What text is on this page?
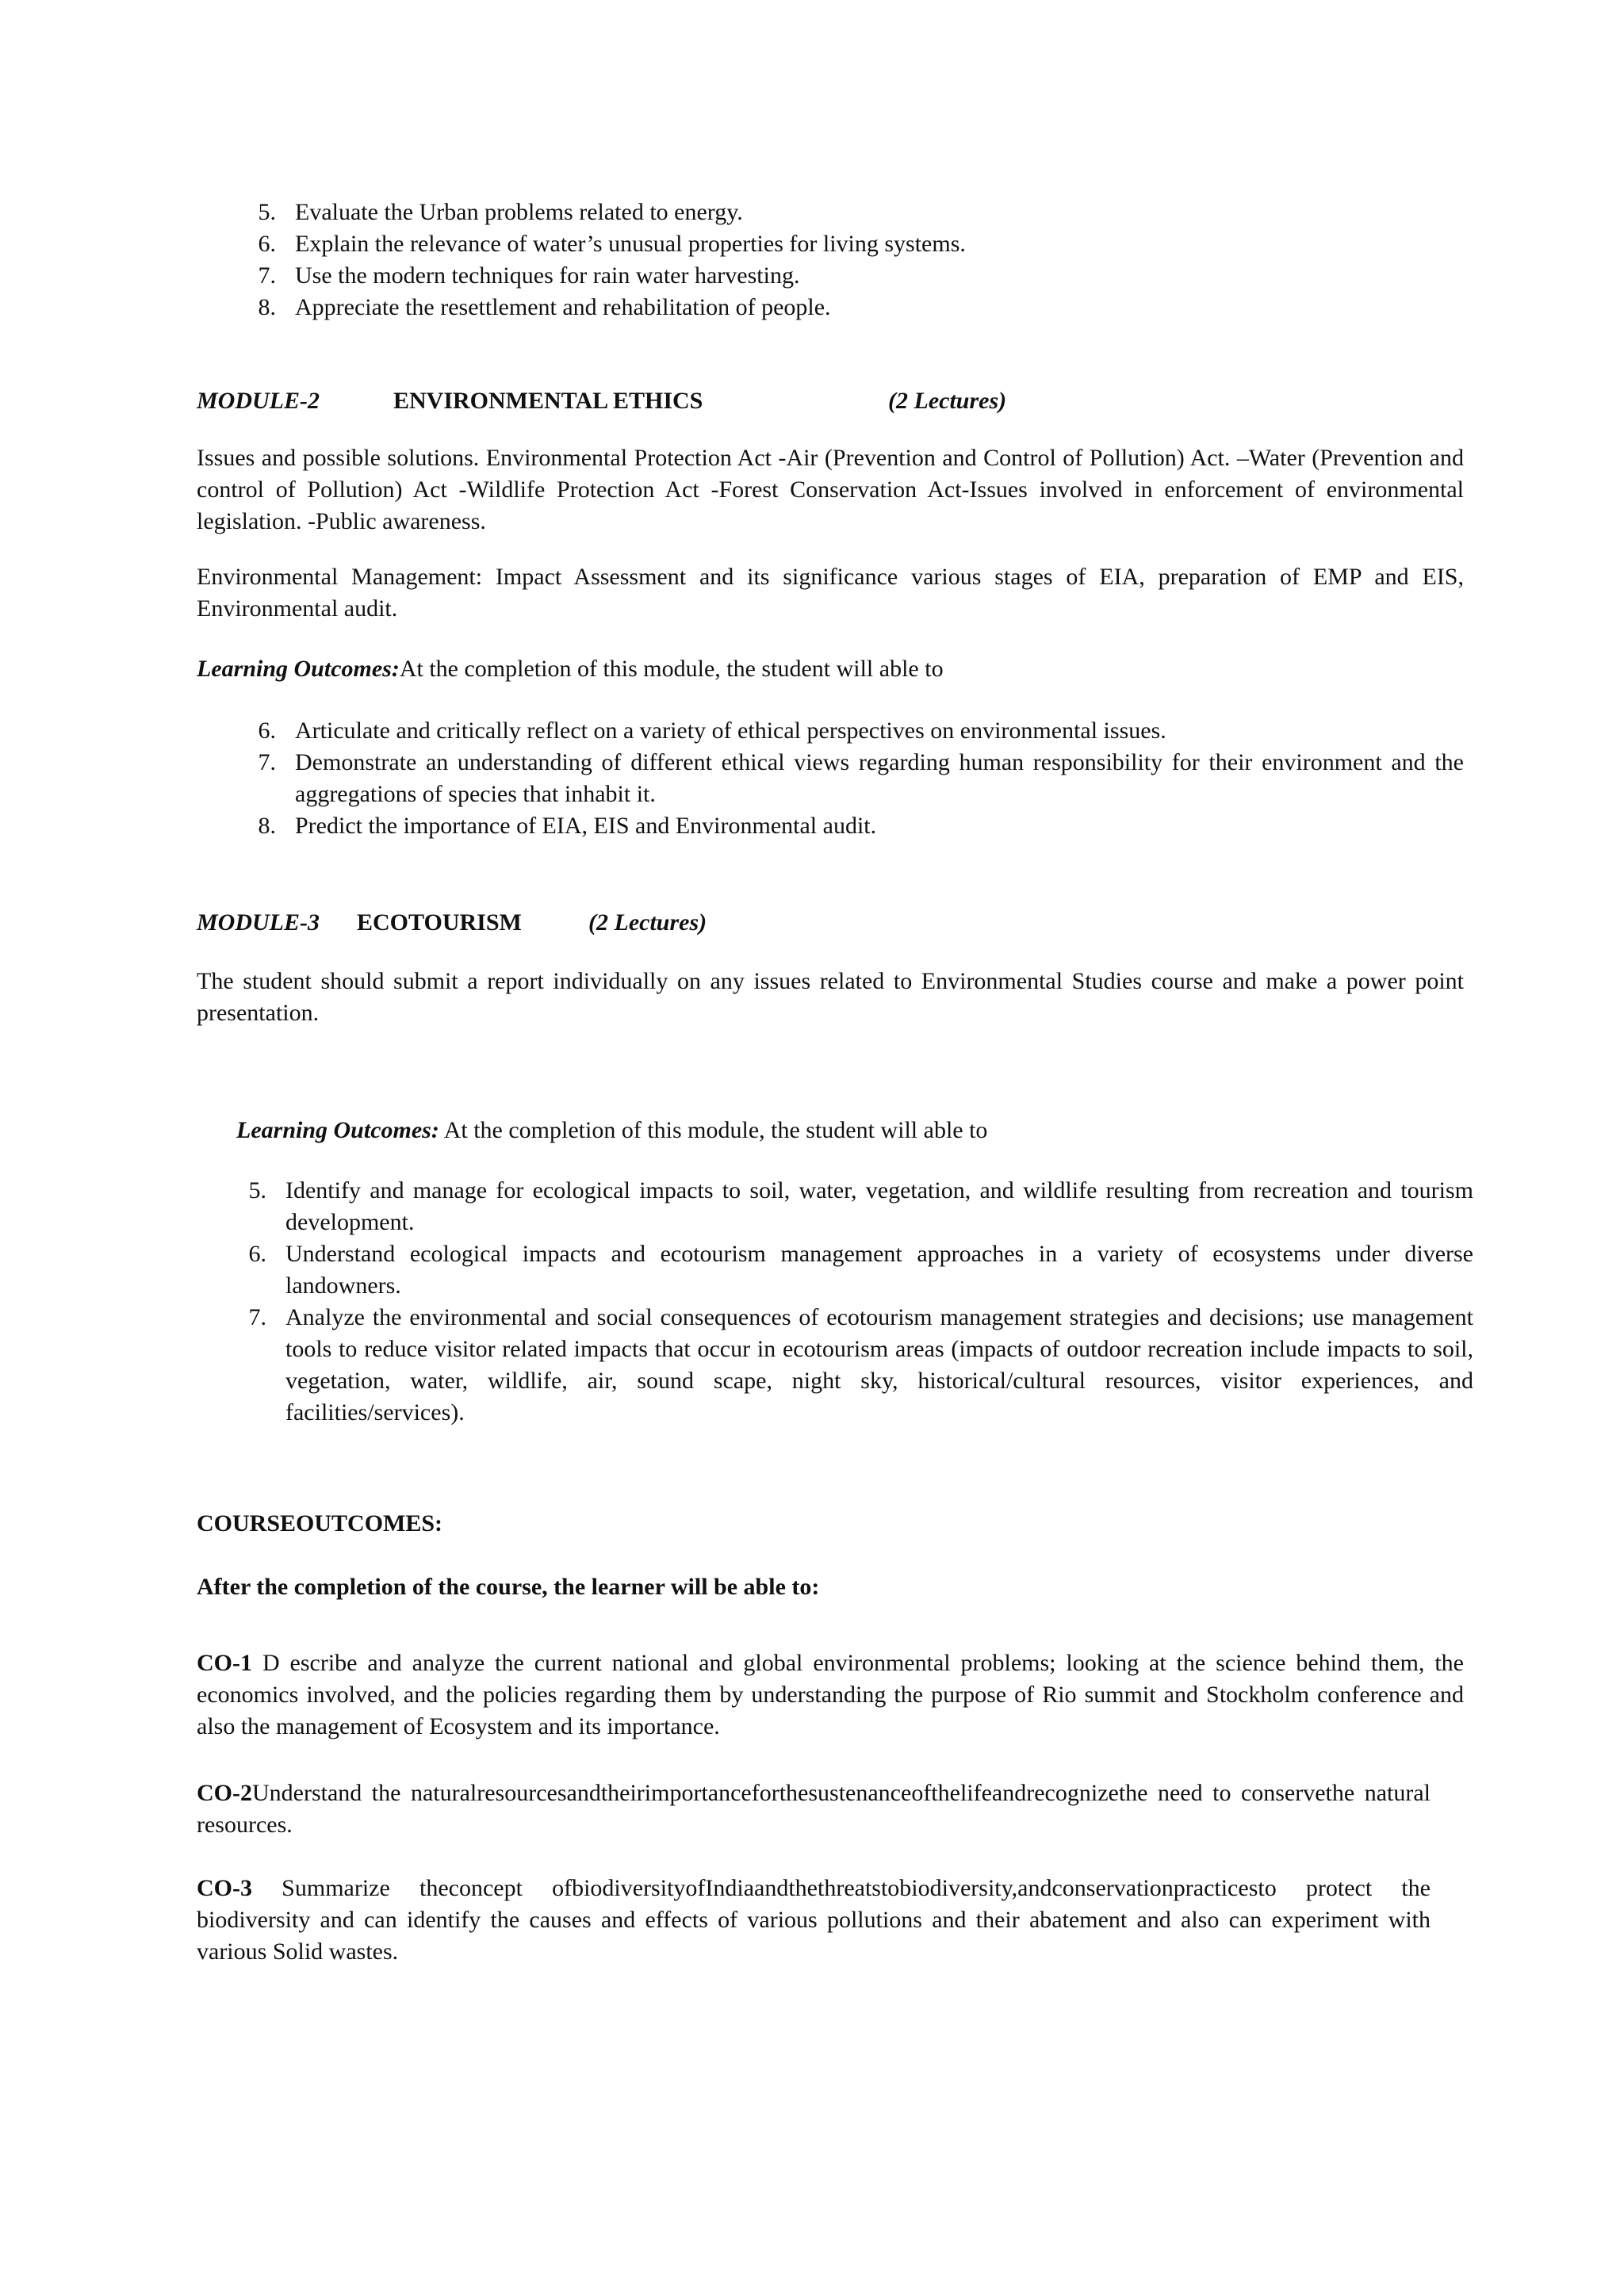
5. Evaluate the Urban problems related to energy.
6. Explain the relevance of water’s unusual properties for living systems.
7. Use the modern techniques for rain water harvesting.
8. Appreciate the resettlement and rehabilitation of people.
MODULE-2	ENVIRONMENTAL ETHICS	(2 Lectures)

Issues and possible solutions. Environmental Protection Act -Air (Prevention and Control of Pollution) Act. –Water (Prevention and control of Pollution) Act -Wildlife Protection Act -Forest Conservation Act-Issues involved in enforcement of environmental legislation. -Public awareness.

Environmental Management: Impact Assessment and its significance various stages of EIA, preparation of EMP and EIS, Environmental audit.

Learning Outcomes:At the completion of this module, the student will able to

6. Articulate and critically reflect on a variety of ethical perspectives on environmental issues.
7. Demonstrate an understanding of different ethical views regarding human responsibility for their environment and the aggregations of species that inhabit it.
8. Predict the importance of EIA, EIS and Environmental audit.
MODULE-3 ECOTOURISM	(2 Lectures)

The student should submit a report individually on any issues related to Environmental Studies course and make a power point presentation.

Learning Outcomes: At the completion of this module, the student will able to

5. Identify and manage for ecological impacts to soil, water, vegetation, and wildlife resulting from recreation and tourism development.
6. Understand ecological impacts and ecotourism management approaches in a variety of ecosystems under diverse landowners.
7. Analyze the environmental and social consequences of ecotourism management strategies and decisions; use management tools to reduce visitor related impacts that occur in ecotourism areas (impacts of outdoor recreation include impacts to soil, vegetation, water, wildlife, air, sound scape, night sky, historical/cultural resources, visitor experiences, and facilities/services).
COURSEOUTCOMES:
After the completion of the course, the learner will be able to:

CO-1 D escribe and analyze the current national and global environmental problems; looking at the science behind them, the economics involved, and the policies regarding them by understanding the purpose of Rio summit and Stockholm conference and also the management of Ecosystem and its importance.

CO-2Understand the naturalresourcesandtheirimportanceforthesustenanceofthelifeandrecognizethe need to conservethe natural resources.

CO-3 Summarize theconcept ofbiodiversityofIndiaandthethreatstobiodiversity,andconservationpracticesto protect the biodiversity and can identify the causes and effects of various pollutions and their abatement and also can experiment with various Solid wastes.
